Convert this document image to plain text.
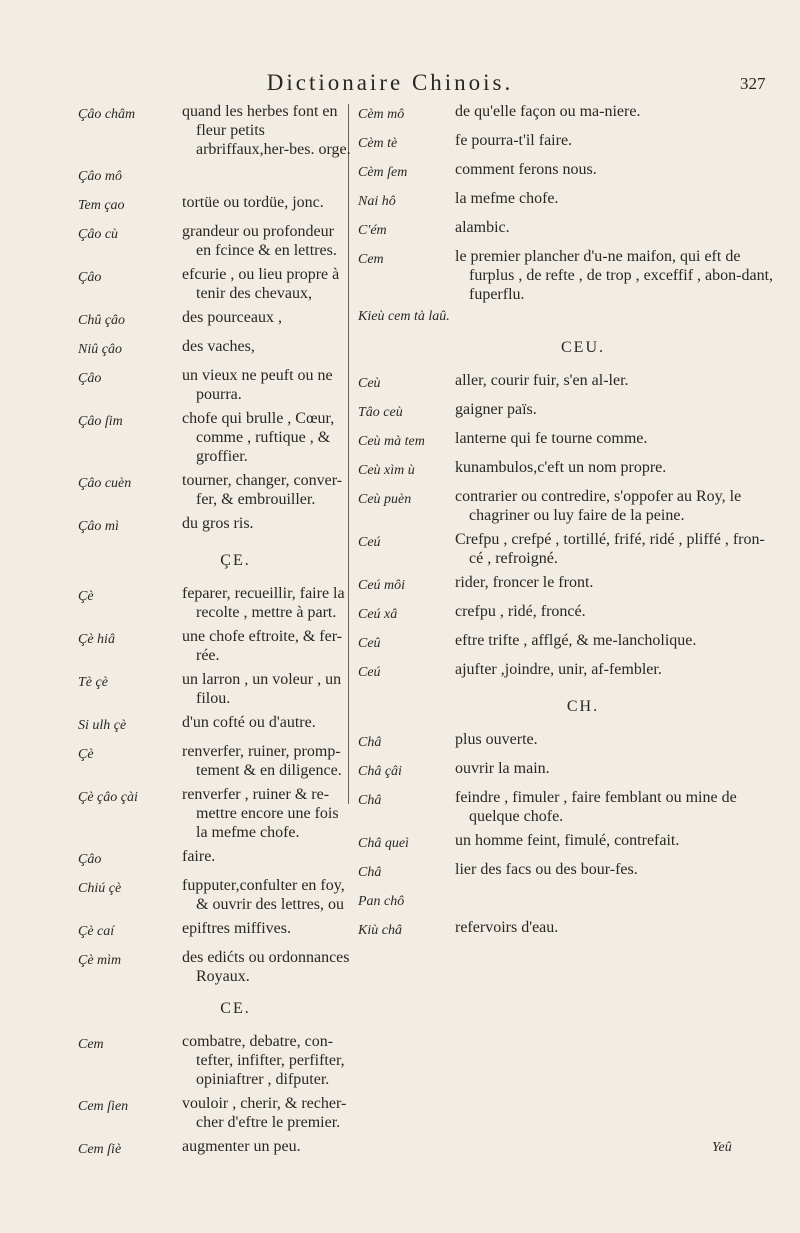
Dictionaire Chinois.	327
Çâo châm	quand les herbes font en fleur petits arbriffaux,her-bes. orge.
Çâo mô
Tem çao	tortüe ou tordüe, jonc.
Çâo cù	grandeur ou profondeur en fcince & en lettres.
Çâo	efcurie , ou lieu propre à tenir des chevaux,
Chû çâo	des pourceaux ,
Niû çâo	des vaches,
Çâo	un vieux ne peuft ou ne pourra.
Çâo ſim	chofe qui brulle , Cœur, comme , ruftique , & groffier.
Çâo cuèn	tourner, changer, conver-fer, & embrouiller.
Çâo mì	du gros ris.
ÇE.
Çè	feparer, recueillir, faire la recolte , mettre à part.
Çè hiâ	une chofe eftroite, & fer-rée.
Tè çè	un larron , un voleur , un filou.
Si ulh çè	d'un cofté ou d'autre.
Çè	renverfer, ruiner, promp-tement & en diligence.
Çè çâo çài	renverfer , ruiner & re-mettre encore une fois la mefme chofe.
Çâo	faire.
Chiú çè	fupputer,confulter en foy, & ouvrir des lettres, ou
Çè caí	epiftres miffives.
Çè mìm	des edićts ou ordonnances Royaux.
CE.
Cem	combatre, debatre, con-tefter, infifter, perfifter, opiniaftrer , difputer.
Cem ſien	vouloir , cherir, & recher-cher d'eftre le premier.
Cem ſiè	augmenter un peu.
Cèm mô	de qu'elle façon ou ma-niere.
Cèm tè	fe pourra-t'il faire.
Cèm ſem	comment ferons nous.
Nai hô	la mefme chofe.
C'ém	alambic.
Cem	le premier plancher d'u-ne maifon, qui eft de furplus , de refte , de trop , exceffif , abon-dant, fuperflu.
Kieù cem tà laû.
CEU.
Ceù	aller, courir fuir, s'en al-ler.
Tâo ceù	gaigner païs.
Ceù mà tem	lanterne qui fe tourne comme.
Ceù xìm ù	kunambulos,c'eft un nom propre.
Ceù puèn	contrarier ou contredire, s'oppofer au Roy, le chagriner ou luy faire de la peine.
Ceú	Crefpu , crefpé , tortillé, frifé, ridé , pliffé , fron-cé , refroigné.
Ceú môi	rider, froncer le front.
Ceú xâ	crefpu , ridé, froncé.
Ceû	eftre trifte , afflgé, & me-lancholique.
Ceú	ajufter ,joindre, unir, af-fembler.
CH.
Châ	plus ouverte.
Châ çâi	ouvrir la main.
Châ	feindre , fimuler , faire femblant ou mine de quelque chofe.
Châ queì	un homme feint, fimulé, contrefait.
Châ	lier des facs ou des bour-fes.
Pan chô
Kiù châ	refervoirs d'eau.
Yeû
